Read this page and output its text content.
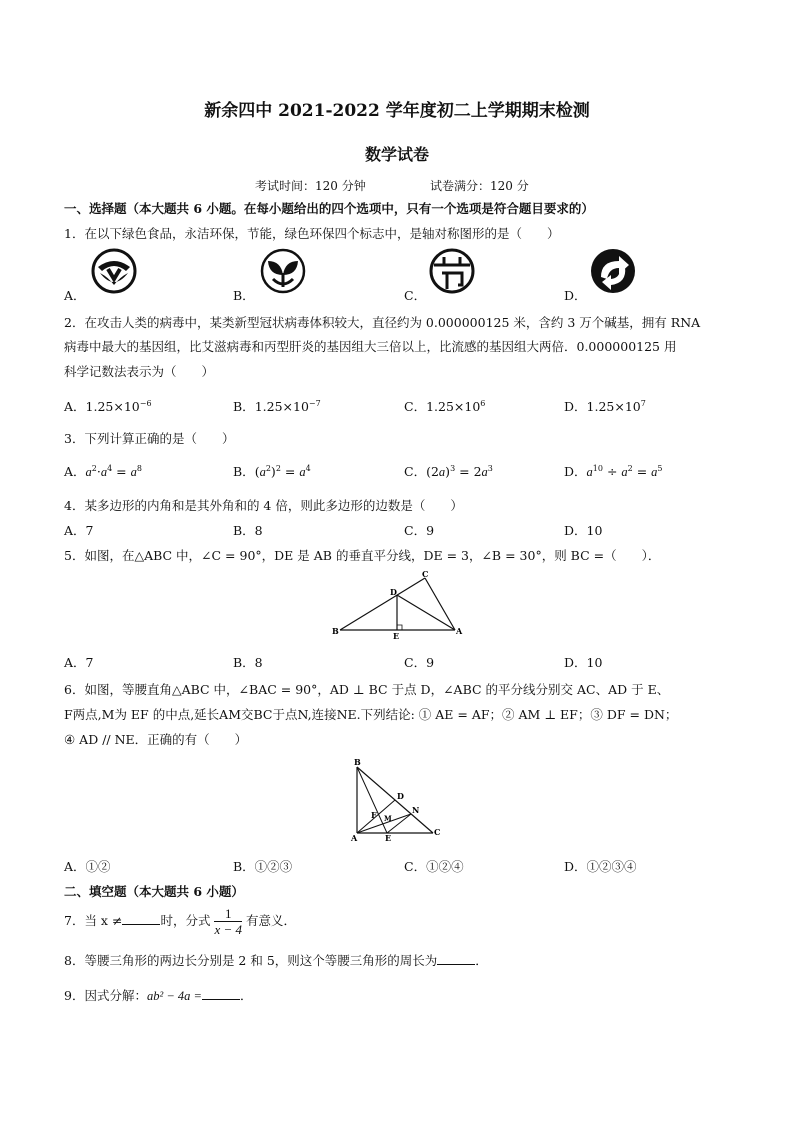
新余四中 2021-2022 学年度初二上学期期末检测
数学试卷
考试时间：120 分钟	试卷满分：120 分
一、选择题（本大题共 6 小题。在每小题给出的四个选项中，只有一个选项是符合题目要求的）
1．在以下绿色食品，永洁环保，节能，绿色环保四个标志中，是轴对称图形的是（　　）
A．	B．	C．	D．
2．在攻击人类的病毒中，某类新型冠状病毒体积较大，直径约为 0.000000125 米，含约 3 万个碱基，拥有 RNA
病毒中最大的基因组，比艾滋病毒和丙型肝炎的基因组大三倍以上，比流感的基因组大两倍．0.000000125 用
科学记数法表示为（　　）
A．$1.25\times 10^{-6}$	B．$1.25\times 10^{-7}$	C．$1.25\times 10^6$	D．$1.25\times 10^7$
3．下列计算正确的是（　　）
A．$a^2\cdot a^4 = a^8$	B．$(a^2)^2 = a^4$	C．$(2a)^3 = 2a^3$	D．$a^{10} \div a^2 = a^5$
4．某多边形的内角和是其外角和的 4 倍，则此多边形的边数是（　　）
A．7	B．8	C．9	D．10
5．如图，在△ABC 中，∠C = 90°，DE 是 AB 的垂直平分线，DE = 3，∠B = 30°，则 BC =（　　）．
B
C
D
E	A
A．7	B．8	C．9	D．10
6．如图，等腰直角△ABC 中，∠BAC = 90°，AD ⊥ BC 于点 D，∠ABC 的平分线分别交 AC、AD 于 E、
F两点,M为 EF 的中点,延长AM交BC于点N,连接NE.下列结论: ① AE = AF；② AM ⊥ EF；③ DF = DN；
④ AD // NE．正确的有（　　）
B
D
N
F M
A	E
C
A．①②	B．①②③	C．①②④	D．①②③④
二、填空题（本大题共 6 小题）
7．当 x ≠	时，分式 $\frac{1}{x - 4}$ 有意义．
8．等腰三角形的两边长分别是 2 和 5，则这个等腰三角形的周长为	．
9．因式分解：ab² − 4a =	．
